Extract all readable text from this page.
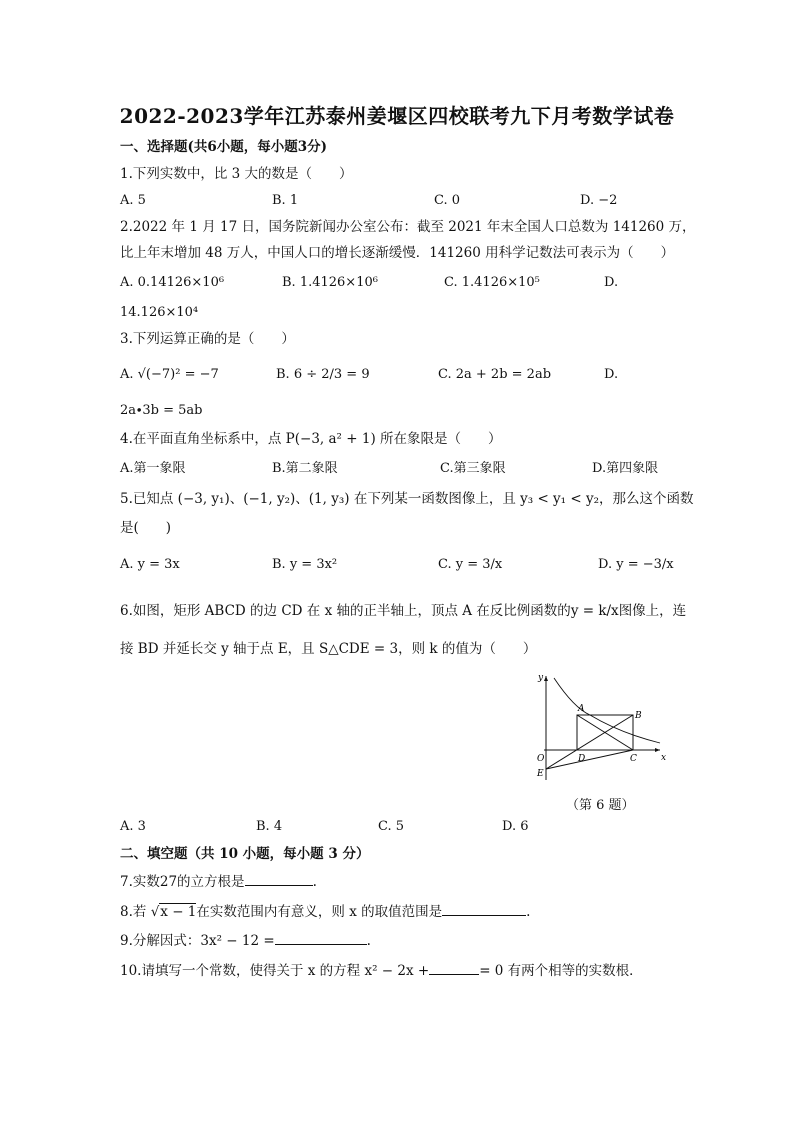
2022-2023学年江苏泰州姜堰区四校联考九下月考数学试卷
一、选择题(共6小题，每小题3分)
1.下列实数中，比 3 大的数是（　　）
A. 5	B. 1	C. 0	D. −2
2.2022 年 1 月 17 日，国务院新闻办公室公布：截至 2021 年末全国人口总数为 141260 万，
比上年末增加 48 万人，中国人口的增长逐渐缓慢．141260 用科学记数法可表示为（　　）
A. 0.14126×10⁶	B. 1.4126×10⁶	C. 1.4126×10⁵	D.
14.126×10⁴
3.下列运算正确的是（　　）
A. √(−7)² = −7	B. 6 ÷ 2/3 = 9	C. 2a + 2b = 2ab	D.
2a∙3b = 5ab
4.在平面直角坐标系中，点 P(−3, a² + 1) 所在象限是（　　）
A.第一象限	B.第二象限	C.第三象限	D.第四象限
5.已知点 (−3, y₁)、(−1, y₂)、(1, y₃) 在下列某一函数图像上，且 y₃ < y₁ < y₂，那么这个函数
是(　　)
A. y = 3x	B. y = 3x²	C. y = 3/x	D. y = −3/x
6.如图，矩形 ABCD 的边 CD 在 x 轴的正半轴上，顶点 A 在反比例函数的y = k/x图像上，连
接 BD 并延长交 y 轴于点 E，且 S△CDE = 3，则 k 的值为（　　）
y
A
B
O	D	C	x
E
（第 6 题）
A. 3	B. 4	C. 5	D. 6
二、填空题（共 10 小题，每小题 3 分）
7.实数27的立方根是	.
8.若 √x − 1在实数范围内有意义，则 x 的取值范围是	.
9.分解因式：3x² − 12 =	.
10.请填写一个常数，使得关于 x 的方程 x² − 2x +	= 0 有两个相等的实数根．
